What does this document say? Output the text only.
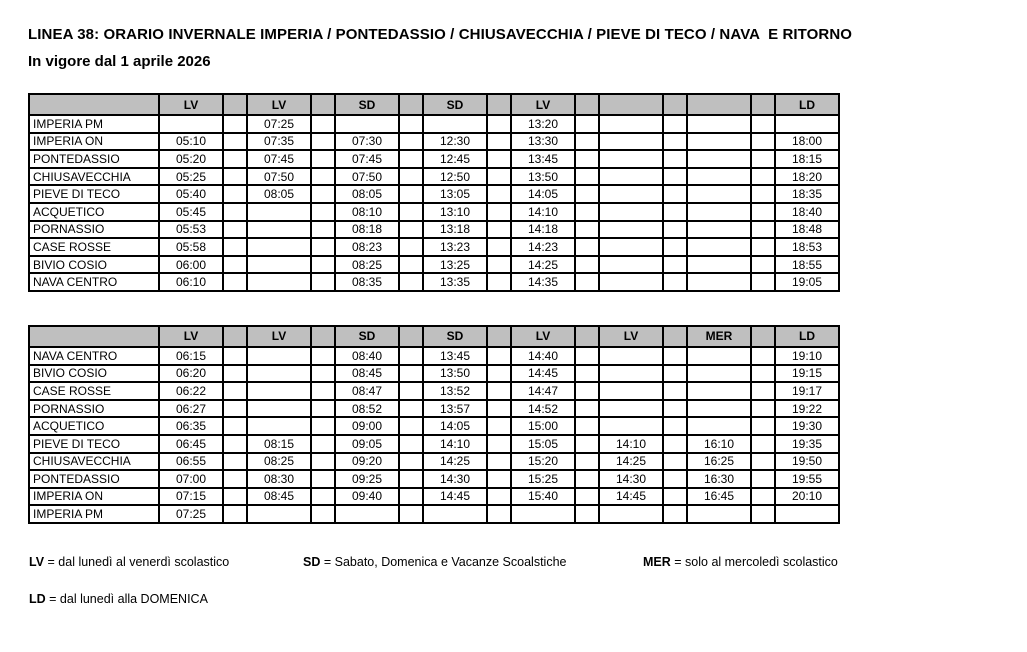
LINEA 38: ORARIO INVERNALE IMPERIA / PONTEDASSIO / CHIUSAVECCHIA / PIEVE DI TECO / NAVA  E RITORNO
In vigore dal 1 aprile 2026
	LV		LV		SD		SD		LV						LD
IMPERIA PM			07:25						13:20						
IMPERIA ON	05:10		07:35		07:30		12:30		13:30						18:00
PONTEDASSIO	05:20		07:45		07:45		12:45		13:45						18:15
CHIUSAVECCHIA	05:25		07:50		07:50		12:50		13:50						18:20
PIEVE DI TECO	05:40		08:05		08:05		13:05		14:05						18:35
ACQUETICO	05:45				08:10		13:10		14:10						18:40
PORNASSIO	05:53				08:18		13:18		14:18						18:48
CASE ROSSE	05:58				08:23		13:23		14:23						18:53
BIVIO COSIO	06:00				08:25		13:25		14:25						18:55
NAVA CENTRO	06:10				08:35		13:35		14:35						19:05
	LV		LV		SD		SD		LV		LV		MER		LD
NAVA CENTRO	06:15				08:40		13:45		14:40						19:10
BIVIO COSIO	06:20				08:45		13:50		14:45						19:15
CASE ROSSE	06:22				08:47		13:52		14:47						19:17
PORNASSIO	06:27				08:52		13:57		14:52						19:22
ACQUETICO	06:35				09:00		14:05		15:00						19:30
PIEVE DI TECO	06:45		08:15		09:05		14:10		15:05		14:10		16:10		19:35
CHIUSAVECCHIA	06:55		08:25		09:20		14:25		15:20		14:25		16:25		19:50
PONTEDASSIO	07:00		08:30		09:25		14:30		15:25		14:30		16:30		19:55
IMPERIA ON	07:15		08:45		09:40		14:45		15:40		14:45		16:45		20:10
IMPERIA PM	07:25														
LV = dal lunedì al venerdì scolastico	SD = Sabato, Domenica e Vacanze Scoalstiche	MER = solo al mercoledì scolastico
LD = dal lunedì alla DOMENICA
